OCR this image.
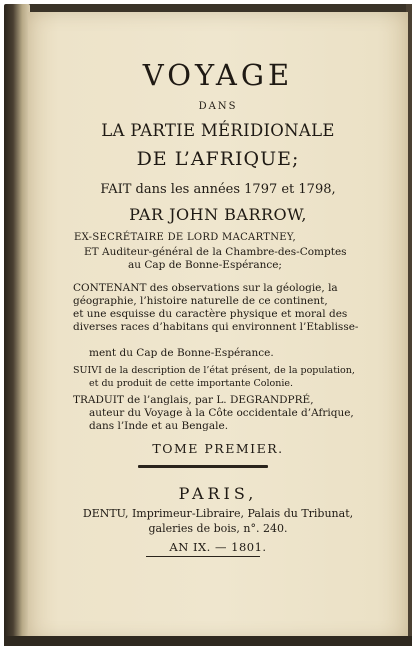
VOYAGE

DANS

LA PARTIE MÉRIDIONALE

DE L’AFRIQUE;

FAIT dans les années 1797 et 1798,

PAR JOHN BARROW,

EX-SECRÉTAIRE DE LORD MACARTNEY,

ET Auditeur-général de la Chambre-des-Comptes

au Cap de Bonne-Espérance;

CONTENANT des observations sur la géologie, la

géographie, l’histoire naturelle de ce continent,

et une esquisse du caractère physique et moral des

diverses races d’habitans qui environnent l’Etablisse-

ment du Cap de Bonne-Espérance.

SUIVI de la description de l’état présent, de la population,

et du produit de cette importante Colonie.

TRADUIT de l’anglais, par L. DEGRANDPRÉ,

auteur du Voyage à la Côte occidentale d’Afrique,

dans l’Inde et au Bengale.

TOME PREMIER.

PARIS,

DENTU, Imprimeur-Libraire, Palais du Tribunat,

galeries de bois, n°. 240.

AN IX. — 1801.
